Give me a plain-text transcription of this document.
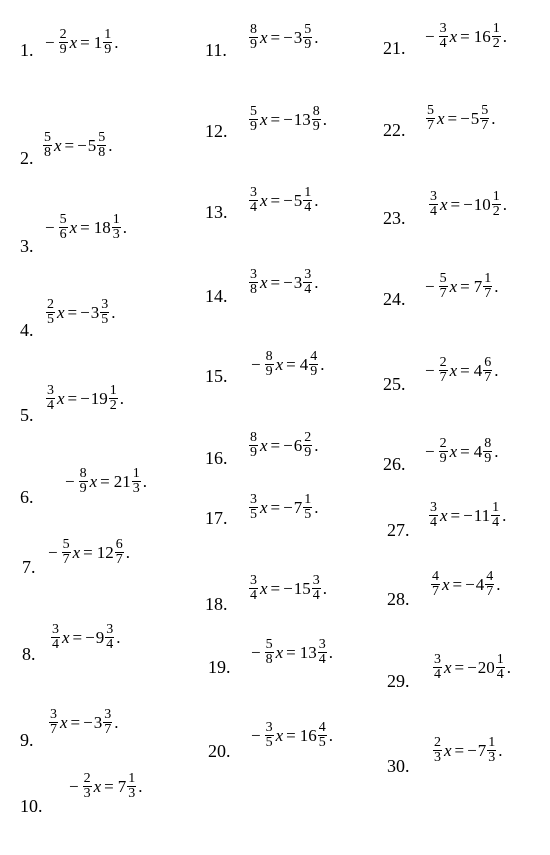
1. − $\frac{2}{9}$ $x = 1 \frac{1}{9}$ .
2. $\frac{5}{8}$ x = − $5 \frac{5}{8}$ .
3.
− $\frac{5}{6}$ $x = 18 \frac{1}{3}$ .
4.
$\frac{2}{5}$ x = − $3 \frac{3}{5}$ .
5.
$\frac{3}{4}$ x = − $19 \frac{1}{2}$ .
6.
− $\frac{8}{9}$ $x = 21 \frac{1}{3}$ .
7.
− $\frac{5}{7}$ $x = 12 \frac{6}{7}$ .
8.
$\frac{3}{4}$ x = − $9 \frac{3}{4}$ .
9.
$\frac{3}{7}$ x = − $3 \frac{3}{7}$ .
10.
− $\frac{2}{3}$ $x = 7 \frac{1}{3}$ .
11. $\frac{8}{9}$ x = − $3 \frac{5}{9}$ .
12. $\frac{5}{9}$ x = − $13 \frac{8}{9}$ .
13. $\frac{3}{4}$ x = − $5 \frac{1}{4}$ .
14. $\frac{3}{8}$ x = − $3 \frac{3}{4}$ .
15.
− $\frac{8}{9}$ $x = 4 \frac{4}{9}$ .
16. $\frac{8}{9}$ x = − $6 \frac{2}{9}$ .
17. $\frac{3}{5}$ x = − $7 \frac{1}{5}$ .
18.
$\frac{3}{4}$ x = − $15 \frac{3}{4}$ .
19.
− $\frac{5}{8}$ $x = 13 \frac{3}{4}$ .
20.
− $\frac{3}{5}$ $x = 16 \frac{4}{5}$ .
21.
− $\frac{3}{4}$ $x = 16 \frac{1}{2}$ .
22. $\frac{5}{7}$ x = − $5 \frac{5}{7}$ .
23. $\frac{3}{4}$ x = − $10 \frac{1}{2}$ .
24.
− $\frac{5}{7}$ $x = 7 \frac{1}{7}$ .
25.
− $\frac{2}{7}$ $x = 4 \frac{6}{7}$ .
26.
− $\frac{2}{9}$ $x = 4 \frac{8}{9}$ .
27.
$\frac{3}{4}$ x = − $11 \frac{1}{4}$ .
28.
$\frac{4}{7}$ x = − $4 \frac{4}{7}$ .
29. $\frac{3}{4}$ x = − $20 \frac{1}{4}$ .
30.
$\frac{2}{3}$ x = − $7 \frac{1}{3}$ .
